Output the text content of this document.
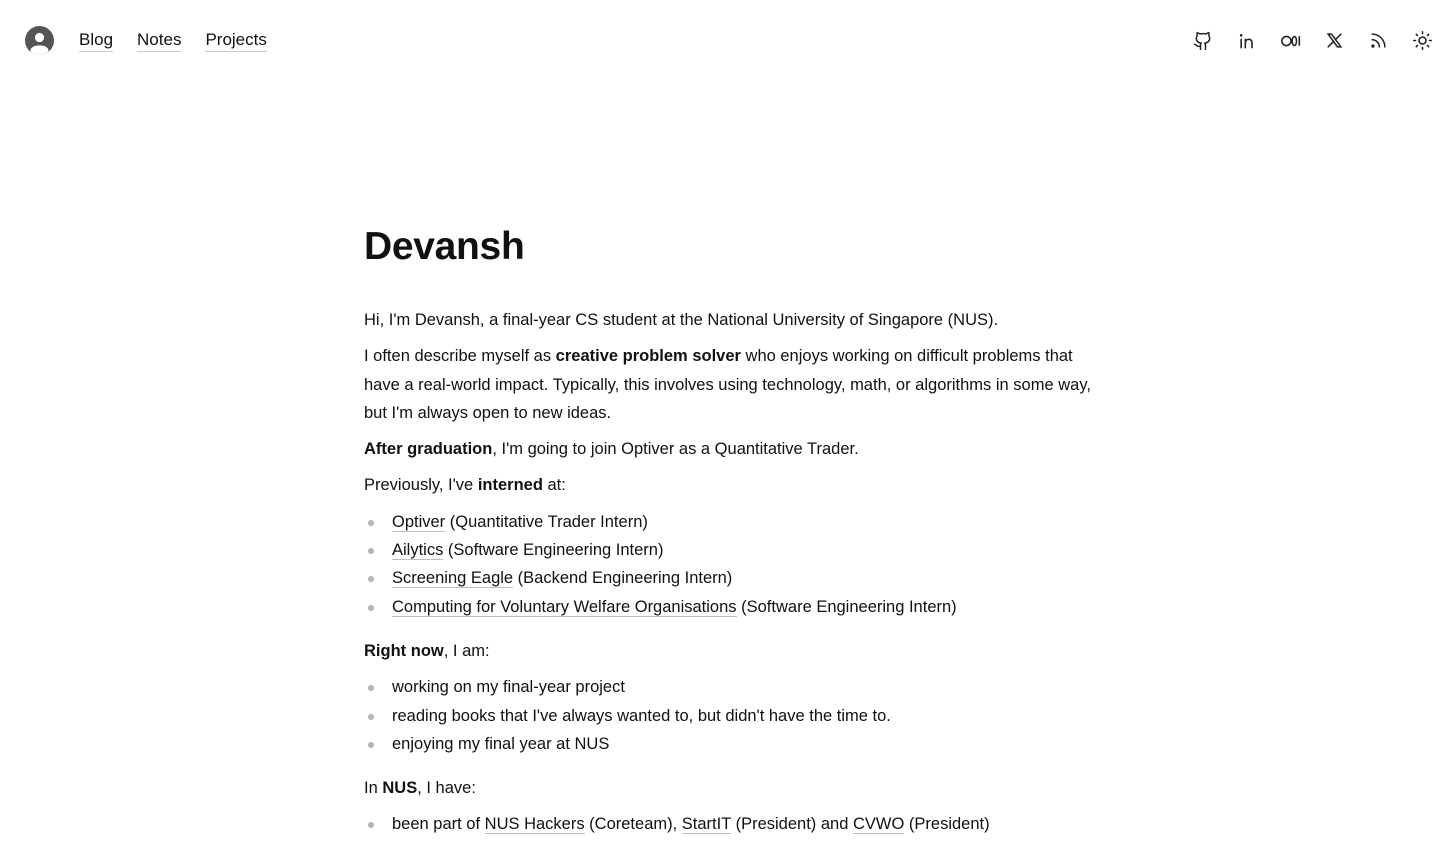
Blog Notes Projects
Devansh

Hi, I'm Devansh, a final-year CS student at the National University of Singapore (NUS).

I often describe myself as creative problem solver who enjoys working on difficult problems that have a real-world impact. Typically, this involves using technology, math, or algorithms in some way, but I'm always open to new ideas.

After graduation, I'm going to join Optiver as a Quantitative Trader.

Previously, I've interned at:

Optiver (Quantitative Trader Intern)
Ailytics (Software Engineering Intern)
Screening Eagle (Backend Engineering Intern)
Computing for Voluntary Welfare Organisations (Software Engineering Intern)

Right now, I am:

working on my final-year project
reading books that I've always wanted to, but didn't have the time to.
enjoying my final year at NUS

In NUS, I have:

been part of NUS Hackers (Coreteam), StartIT (President) and CVWO (President)
